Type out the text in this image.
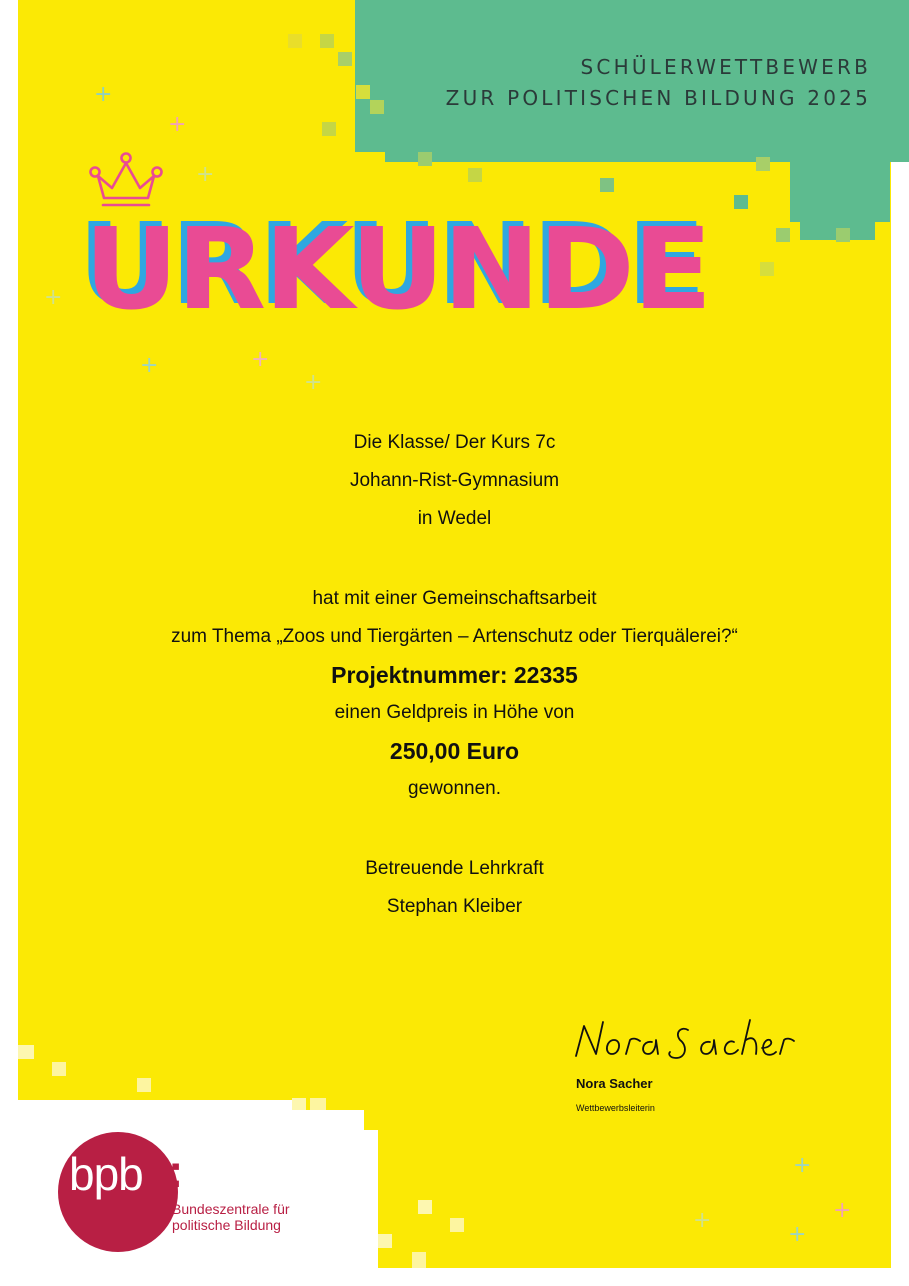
SCHÜLERWETTBEWERB
ZUR POLITISCHEN BILDUNG 2025
+
+
+
+
+	+
+
+
+
+
+
URKUNDE
Die Klasse/ Der Kurs 7c
Johann-Rist-Gymnasium
in Wedel
hat mit einer Gemeinschaftsarbeit
zum Thema „Zoos und Tiergärten – Artenschutz oder Tierquälerei?“
Projektnummer: 22335
einen Geldpreis in Höhe von
250,00 Euro
gewonnen.
Betreuende Lehrkraft
Stephan Kleiber
Nora Sacher
Wettbewerbsleiterin
bpb :
Bundeszentrale für
politische Bildung
